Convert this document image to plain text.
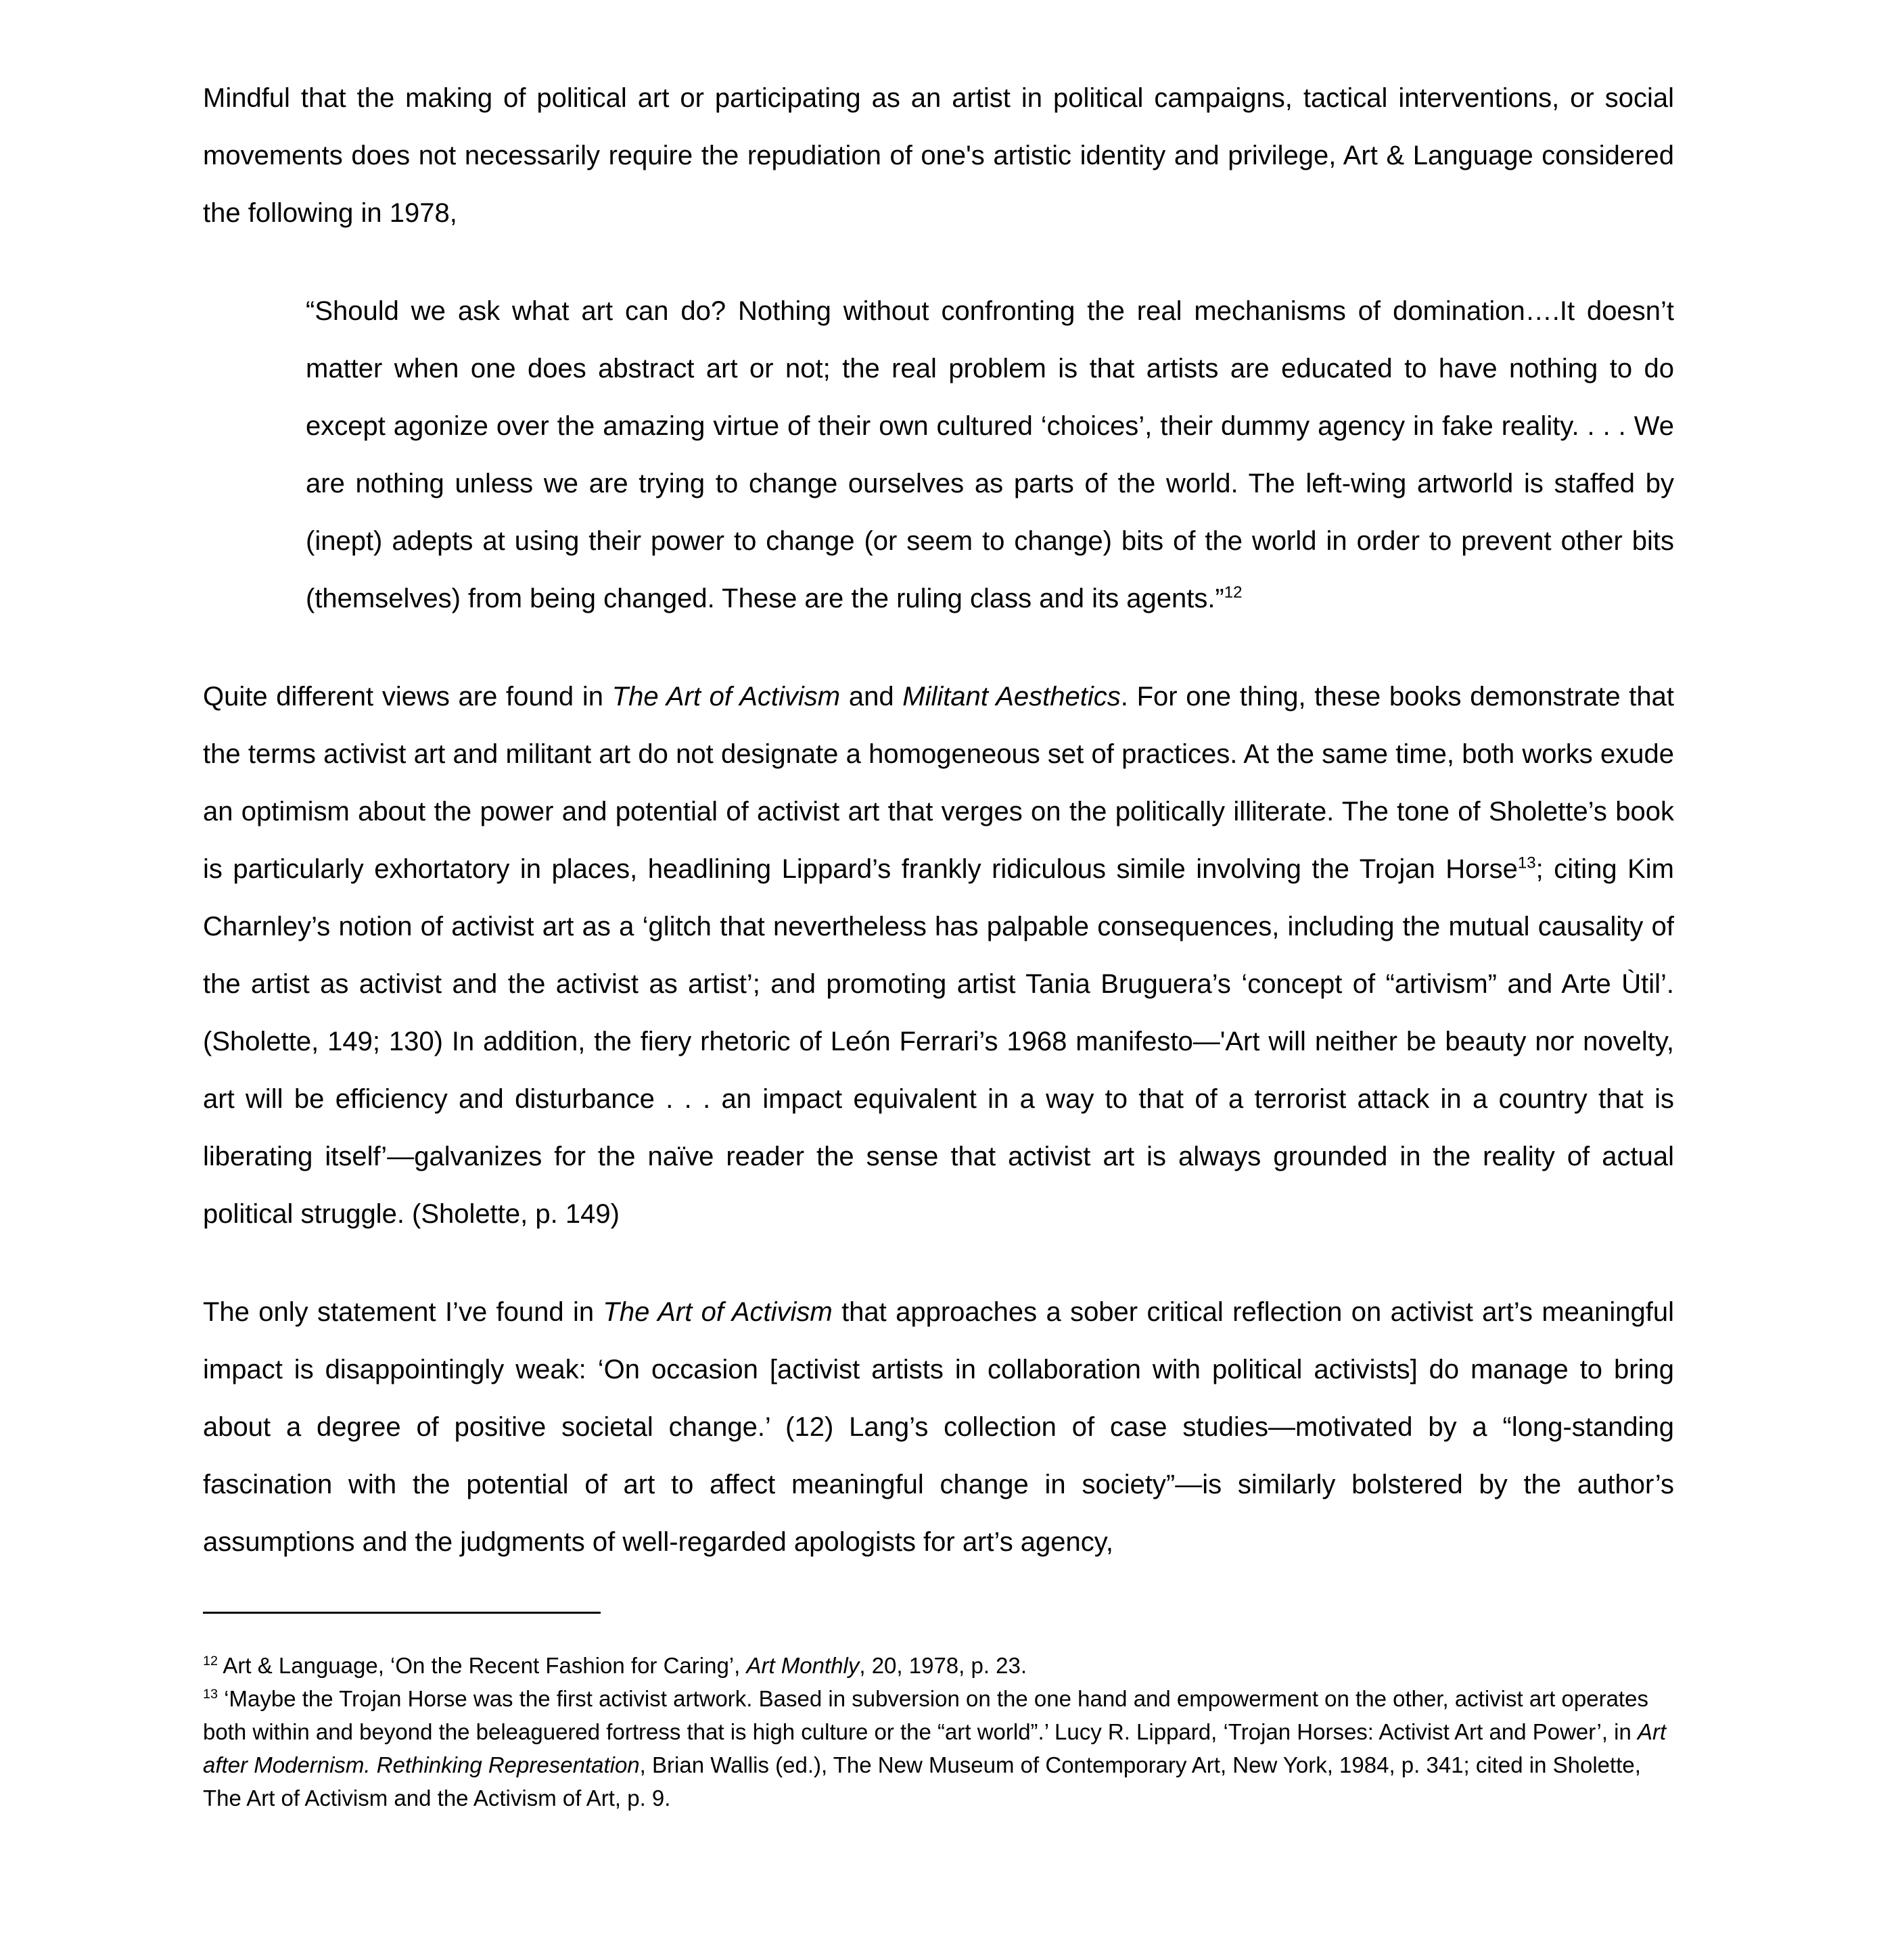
Mindful that the making of political art or participating as an artist in political campaigns, tactical interventions, or social movements does not necessarily require the repudiation of one's artistic identity and privilege, Art & Language considered the following in 1978,

“Should we ask what art can do? Nothing without confronting the real mechanisms of domination….It doesn’t matter when one does abstract art or not; the real problem is that artists are educated to have nothing to do except agonize over the amazing virtue of their own cultured ‘choices’, their dummy agency in fake reality. . . . We are nothing unless we are trying to change ourselves as parts of the world. The left-wing artworld is staffed by (inept) adepts at using their power to change (or seem to change) bits of the world in order to prevent other bits (themselves) from being changed. These are the ruling class and its agents.”$^{12}$

Quite different views are found in The Art of Activism and Militant Aesthetics. For one thing, these books demonstrate that the terms activist art and militant art do not designate a homogeneous set of practices. At the same time, both works exude an optimism about the power and potential of activist art that verges on the politically illiterate. The tone of Sholette’s book is particularly exhortatory in places, headlining Lippard’s frankly ridiculous simile involving the Trojan Horse$^{13}$; citing Kim Charnley’s notion of activist art as a ‘glitch that nevertheless has palpable consequences, including the mutual causality of the artist as activist and the activist as artist’; and promoting artist Tania Bruguera’s ‘concept of “artivism” and Arte Ùtil’. (Sholette, 149; 130) In addition, the fiery rhetoric of León Ferrari’s 1968 manifesto—'Art will neither be beauty nor novelty, art will be efficiency and disturbance . . . an impact equivalent in a way to that of a terrorist attack in a country that is liberating itself’—galvanizes for the naïve reader the sense that activist art is always grounded in the reality of actual political struggle. (Sholette, p. 149)

The only statement I’ve found in The Art of Activism that approaches a sober critical reflection on activist art’s meaningful impact is disappointingly weak: ‘On occasion [activist artists in collaboration with political activists] do manage to bring about a degree of positive societal change.’ (12) Lang’s collection of case studies—motivated by a “long-standing fascination with the potential of art to affect meaningful change in society”—is similarly bolstered by the author’s assumptions and the judgments of well-regarded apologists for art’s agency,

$^{12}$ Art & Language, ‘On the Recent Fashion for Caring’, Art Monthly, 20, 1978, p. 23.

$^{13}$ ‘Maybe the Trojan Horse was the first activist artwork. Based in subversion on the one hand and empowerment on the other, activist art operates both within and beyond the beleaguered fortress that is high culture or the “art world”.’ Lucy R. Lippard, ‘Trojan Horses: Activist Art and Power’, in Art after Modernism. Rethinking Representation, Brian Wallis (ed.), The New Museum of Contemporary Art, New York, 1984, p. 341; cited in Sholette, The Art of Activism and the Activism of Art, p. 9.
